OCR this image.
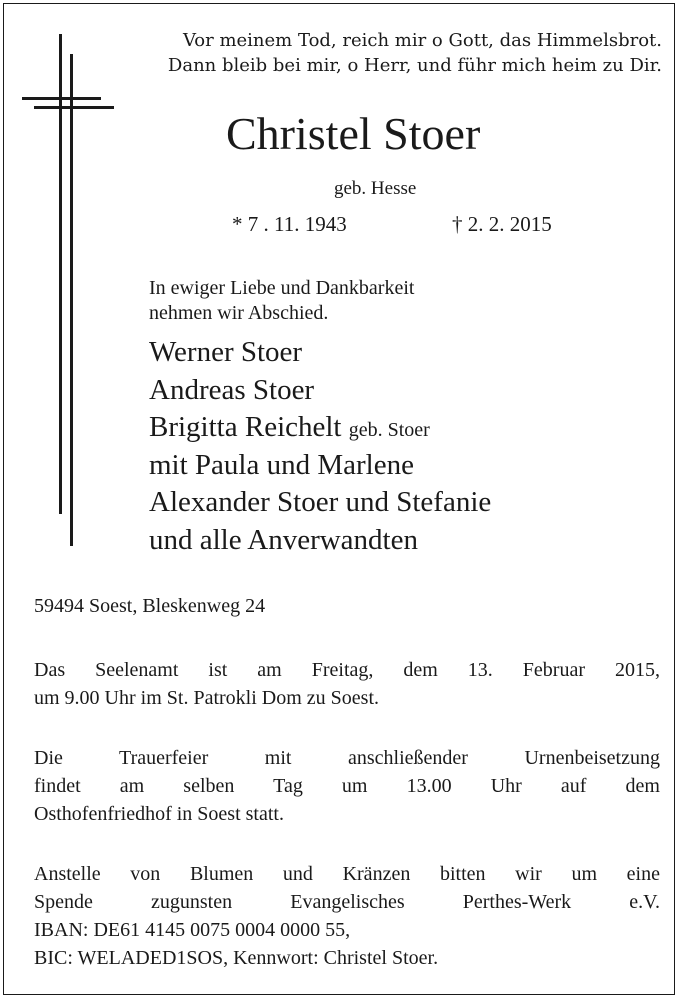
Vor meinem Tod, reich mir o Gott, das Himmelsbrot.
Dann bleib bei mir, o Herr, und führ mich heim zu Dir.
Christel Stoer
geb. Hesse
* 7 . 11. 1943	† 2. 2. 2015
In ewiger Liebe und Dankbarkeit
nehmen wir Abschied.
Werner Stoer
Andreas Stoer
Brigitta Reichelt geb. Stoer
mit Paula und Marlene
Alexander Stoer und Stefanie
und alle Anverwandten
59494 Soest, Bleskenweg 24
Das Seelenamt ist am Freitag, dem 13. Februar 2015,
um 9.00 Uhr im St. Patrokli Dom zu Soest.
Die Trauerfeier mit anschließender Urnenbeisetzung
findet am selben Tag um 13.00 Uhr auf dem
Osthofenfriedhof in Soest statt.
Anstelle von Blumen und Kränzen bitten wir um eine
Spende zugunsten Evangelisches Perthes-Werk e.V.
IBAN: DE61 4145 0075 0004 0000 55,
BIC: WELADED1SOS, Kennwort: Christel Stoer.
